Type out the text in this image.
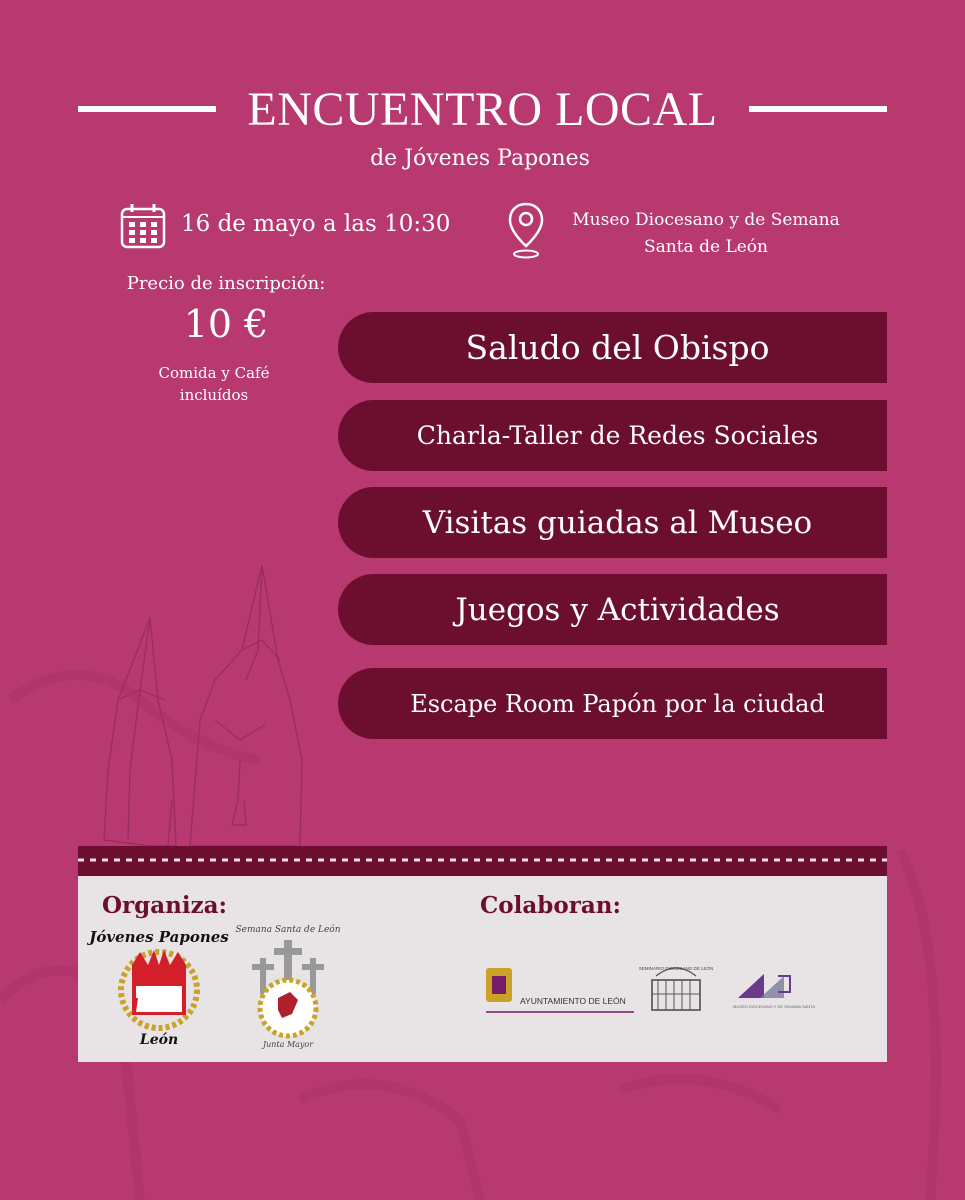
ENCUENTRO LOCAL
de Jóvenes Papones
16 de mayo a las 10:30	Museo Diocesano y de Semana
Santa de León
Precio de inscripción:
10 €
Comida y Café
incluídos
Saludo del Obispo
Charla-Taller de Redes Sociales
Visitas guiadas al Museo
Juegos y Actividades
Escape Room Papón por la ciudad
Organiza:	Colaboran:
Jóvenes Papones
León
Semana Santa de León
Junta Mayor
AYUNTAMIENTO DE LEÓN
SEMINARIO DIOCESANO DE LEÓN
MUSEO DIOCESANO Y DE SEMANA SANTA
